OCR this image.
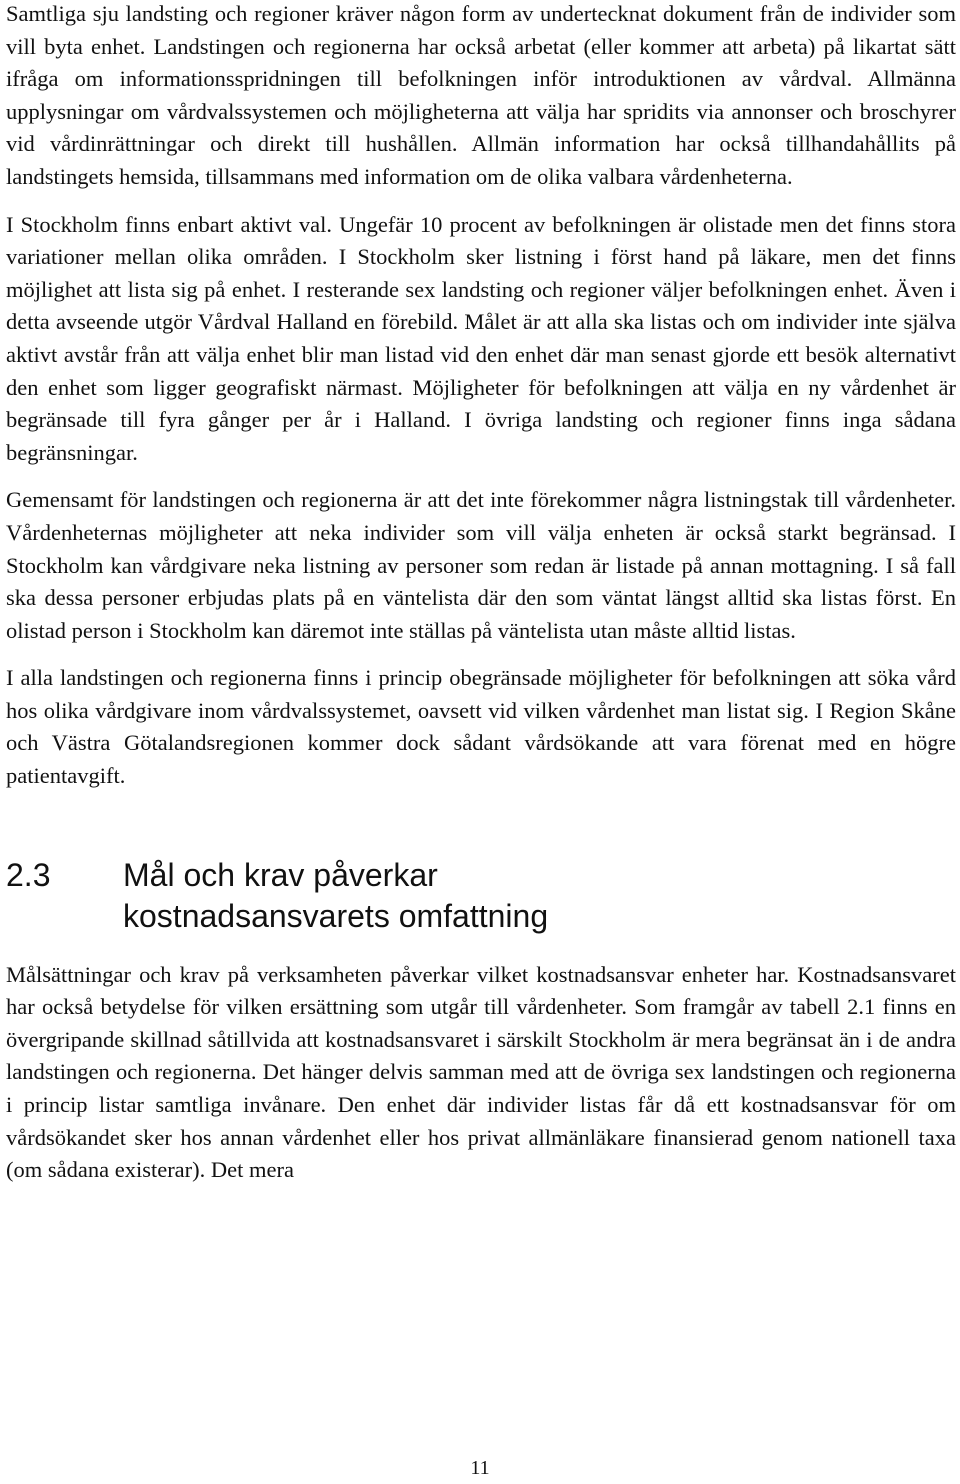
Samtliga sju landsting och regioner kräver någon form av undertecknat dokument från de individer som vill byta enhet. Landstingen och regionerna har också arbetat (eller kommer att arbeta) på likartat sätt ifråga om informationsspridningen till befolkningen inför introduktionen av vårdval. Allmänna upplysningar om vårdvalssystemen och möjligheterna att välja har spridits via annonser och broschyrer vid vårdinrättningar och direkt till hushållen. Allmän information har också tillhandahållits på landstingets hemsida, tillsammans med information om de olika valbara vårdenheterna.

I Stockholm finns enbart aktivt val. Ungefär 10 procent av befolkningen är olistade men det finns stora variationer mellan olika områden. I Stockholm sker listning i först hand på läkare, men det finns möjlighet att lista sig på enhet. I resterande sex landsting och regioner väljer befolkningen enhet. Även i detta avseende utgör Vårdval Halland en förebild. Målet är att alla ska listas och om individer inte själva aktivt avstår från att välja enhet blir man listad vid den enhet där man senast gjorde ett besök alternativt den enhet som ligger geografiskt närmast. Möjligheter för befolkningen att välja en ny vårdenhet är begränsade till fyra gånger per år i Halland. I övriga landsting och regioner finns inga sådana begränsningar.

Gemensamt för landstingen och regionerna är att det inte förekommer några listningstak till vårdenheter. Vårdenheternas möjligheter att neka individer som vill välja enheten är också starkt begränsad. I Stockholm kan vårdgivare neka listning av personer som redan är listade på annan mottagning. I så fall ska dessa personer erbjudas plats på en väntelista där den som väntat längst alltid ska listas först. En olistad person i Stockholm kan däremot inte ställas på väntelista utan måste alltid listas.

I alla landstingen och regionerna finns i princip obegränsade möjligheter för befolkningen att söka vård hos olika vårdgivare inom vårdvalssystemet, oavsett vid vilken vårdenhet man listat sig. I Region Skåne och Västra Götalandsregionen kommer dock sådant vårdsökande att vara förenat med en högre patientavgift.

2.3	Mål och krav påverkar kostnadsansvarets omfattning

Målsättningar och krav på verksamheten påverkar vilket kostnadsansvar enheter har. Kostnadsansvaret har också betydelse för vilken ersättning som utgår till vårdenheter. Som framgår av tabell 2.1 finns en övergripande skillnad såtillvida att kostnadsansvaret i särskilt Stockholm är mera begränsat än i de andra landstingen och regionerna. Det hänger delvis samman med att de övriga sex landstingen och regionerna i princip listar samtliga invånare. Den enhet där individer listas får då ett kostnadsansvar för om vårdsökandet sker hos annan vårdenhet eller hos privat allmänläkare finansierad genom nationell taxa (om sådana existerar). Det mera

11
